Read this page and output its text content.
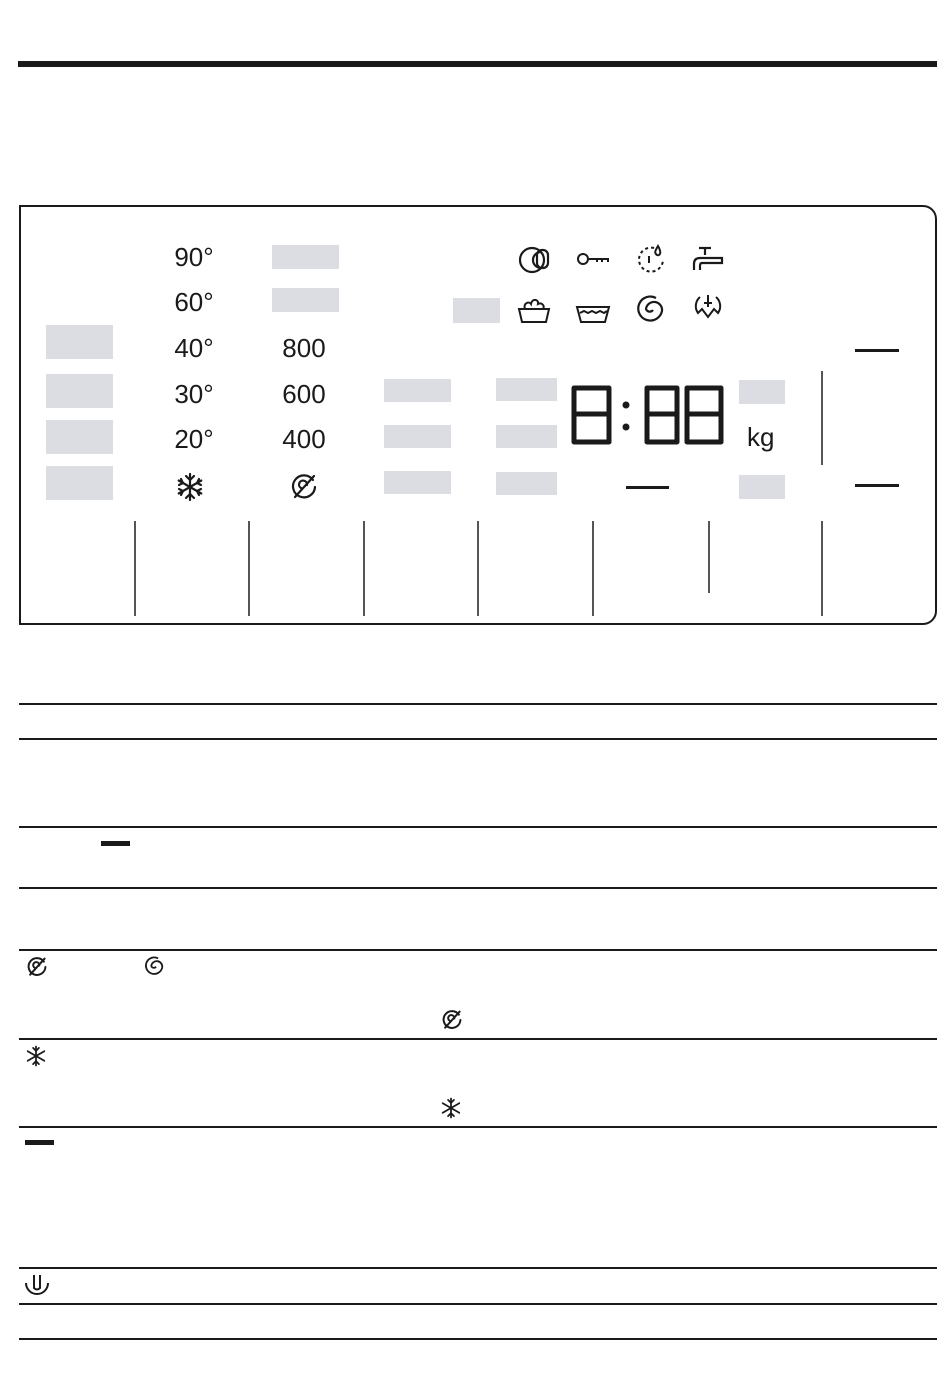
90°
60°
40°
30°
20°
800
600
400	kg
